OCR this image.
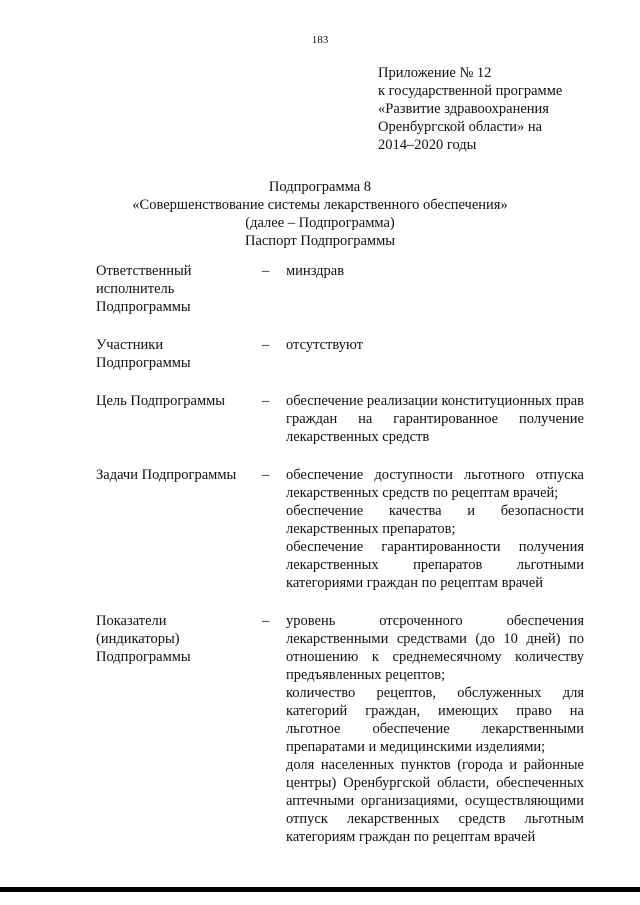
183
Приложение № 12
к государственной программе
«Развитие здравоохранения
Оренбургской области» на
2014–2020 годы
Подпрограмма 8
«Совершенствование системы лекарственного обеспечения»
(далее – Подпрограмма)
Паспорт Подпрограммы
Ответственный
исполнитель
Подпрограммы
–	минздрав
Участники
Подпрограммы
–	отсутствуют
Цель Подпрограммы	–	обеспечение реализации конституционных прав граждан на гарантированное получение лекарственных средств
Задачи Подпрограммы	–	обеспечение доступности льготного отпуска лекарственных средств по рецептам врачей;
обеспечение качества и безопасности лекарственных препаратов;
обеспечение гарантированности получения лекарственных препаратов льготными категориями граждан по рецептам врачей
Показатели
(индикаторы)
Подпрограммы
–	уровень отсроченного обеспечения лекарственными средствами (до 10 дней) по отношению к среднемесячному количеству предъявленных рецептов;
количество рецептов, обслуженных для категорий граждан, имеющих право на льготное обеспечение лекарственными препаратами и медицинскими изделиями;
доля населенных пунктов (города и районные центры) Оренбургской области, обеспеченных аптечными организациями, осуществляющими отпуск лекарственных средств льготным категориям граждан по рецептам врачей
